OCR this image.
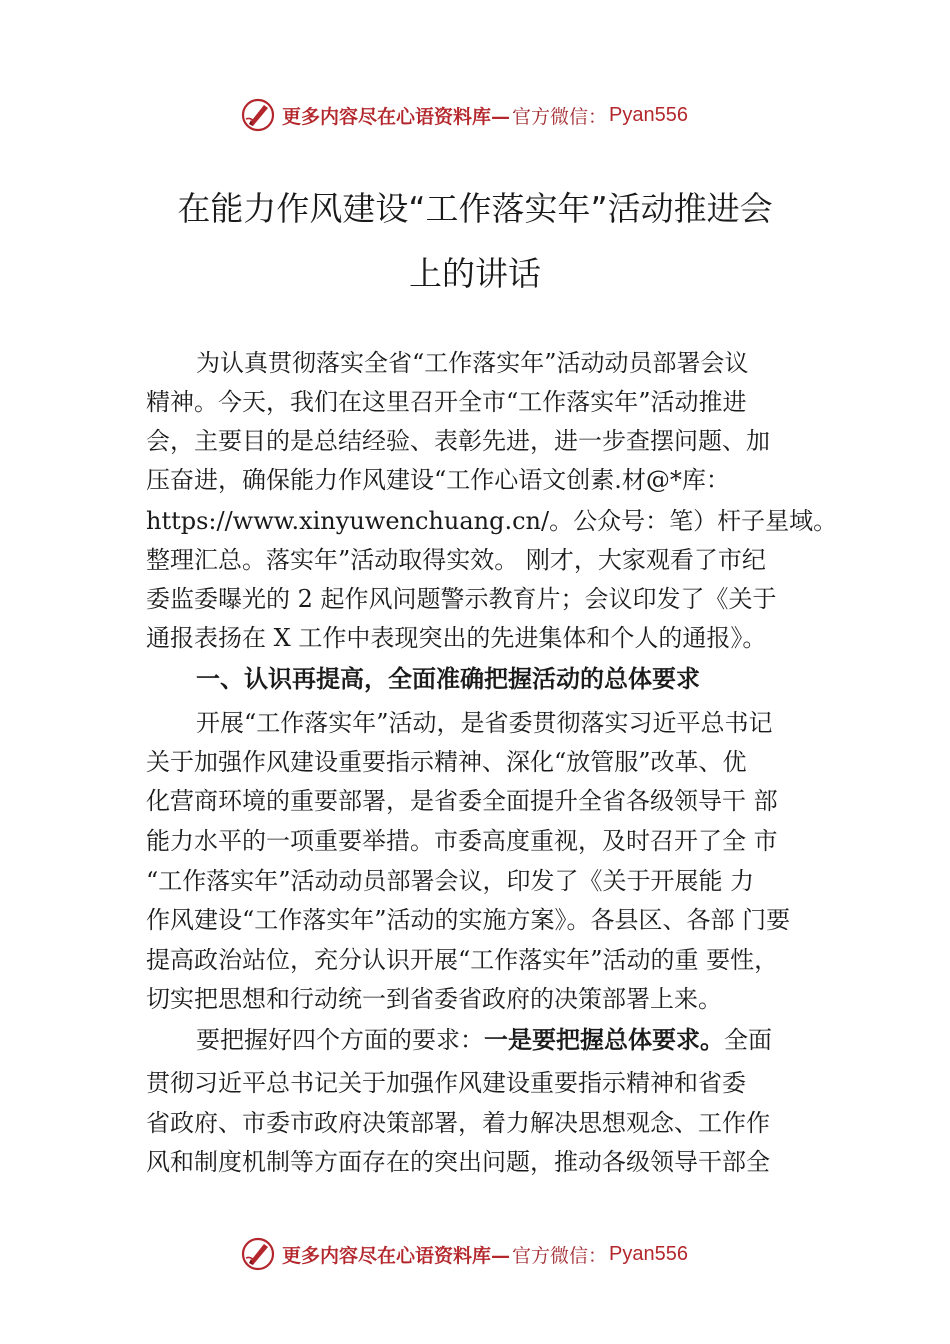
更多内容尽在心语资料库— 官方微信： Pyan556
在能力作风建设“工作落实年”活动推进会
上的讲话
为认真贯彻落实全省“工作落实年”活动动员部署会议
精神。今天，我们在这里召开全市“工作落实年”活动推进
会，主要目的是总结经验、表彰先进，进一步查摆问题、加
压奋进，确保能力作风建设“工作心语文创素.材@*库：
https://www.xinyuwenchuang.cn/。公众号：笔）杆子星域。
整理汇总。落实年”活动取得实效。 刚才，大家观看了市纪
委监委曝光的 2 起作风问题警示教育片；会议印发了《关于
通报表扬在 X 工作中表现突出的先进集体和个人的通报》。
一、认识再提高，全面准确把握活动的总体要求
开展“工作落实年”活动，是省委贯彻落实习近平总书记
关于加强作风建设重要指示精神、深化“放管服”改革、优
化营商环境的重要部署，是省委全面提升全省各级领导干 部
能力水平的一项重要举措。市委高度重视，及时召开了全 市
“工作落实年”活动动员部署会议，印发了《关于开展能 力
作风建设“工作落实年”活动的实施方案》。各县区、各部 门要
提高政治站位，充分认识开展“工作落实年”活动的重 要性，
切实把思想和行动统一到省委省政府的决策部署上来。
要把握好四个方面的要求：一是要把握总体要求。全面
贯彻习近平总书记关于加强作风建设重要指示精神和省委
省政府、市委市政府决策部署，着力解决思想观念、工作作
风和制度机制等方面存在的突出问题，推动各级领导干部全
更多内容尽在心语资料库— 官方微信： Pyan556
